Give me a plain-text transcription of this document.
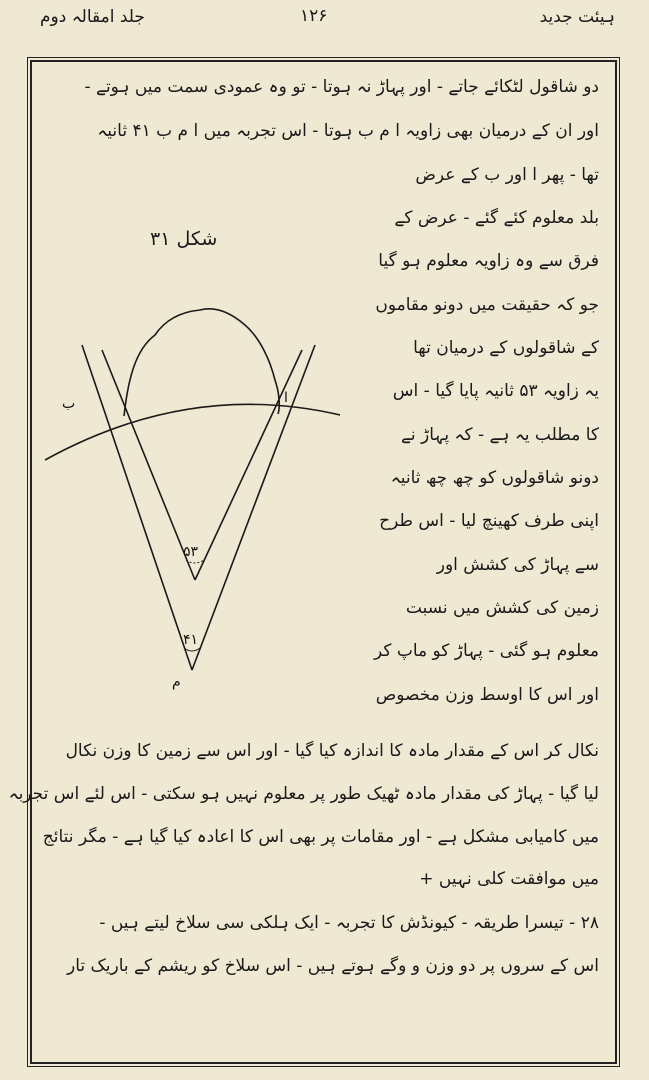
ہیئت جدید
۱۲۶
جلد امقالہ دوم
دو شاقول لٹکائے جاتے - اور پہاڑ نہ ہوتا - تو وہ عمودی سمت میں ہوتے -
اور ان کے درمیان بھی زاویہ ا م ب ہوتا - اس تجربہ میں ا م ب ۴۱ ثانیہ
تھا - پھر ا اور ب کے عرض
بلد معلوم کئے گئے - عرض کے
فرق سے وہ زاویہ معلوم ہو گیا
جو کہ حقیقت میں دونو مقاموں
کے شاقولوں کے درمیان تھا
یہ زاویہ ۵۳ ثانیہ پایا گیا - اس
کا مطلب یہ ہے - کہ پہاڑ نے
دونو شاقولوں کو چھ چھ ثانیہ
اپنی طرف کھینچ لیا - اس طرح
سے پہاڑ کی کشش اور
زمین کی کشش میں نسبت
معلوم ہو گئی - پہاڑ کو ماپ کر
اور اس کا اوسط وزن مخصوص
نکال کر اس کے مقدار مادہ کا اندازہ کیا گیا - اور اس سے زمین کا وزن نکال
لیا گیا - پہاڑ کی مقدار مادہ ٹھیک طور پر معلوم نہیں ہو سکتی - اس لئے اس تجربہ
میں کامیابی مشکل ہے - اور مقامات پر بھی اس کا اعادہ کیا گیا ہے - مگر نتائج
میں موافقت کلی نہیں +
۲۸ - تیسرا طریقہ - کیونڈش کا تجربہ - ایک ہلکی سی سلاخ لیتے ہیں -
اس کے سروں پر دو وزن و وگے ہوتے ہیں - اس سلاخ کو ریشم کے باریک تار
شکل ۳۱
ب	ا
۵۳
۴۱
م
